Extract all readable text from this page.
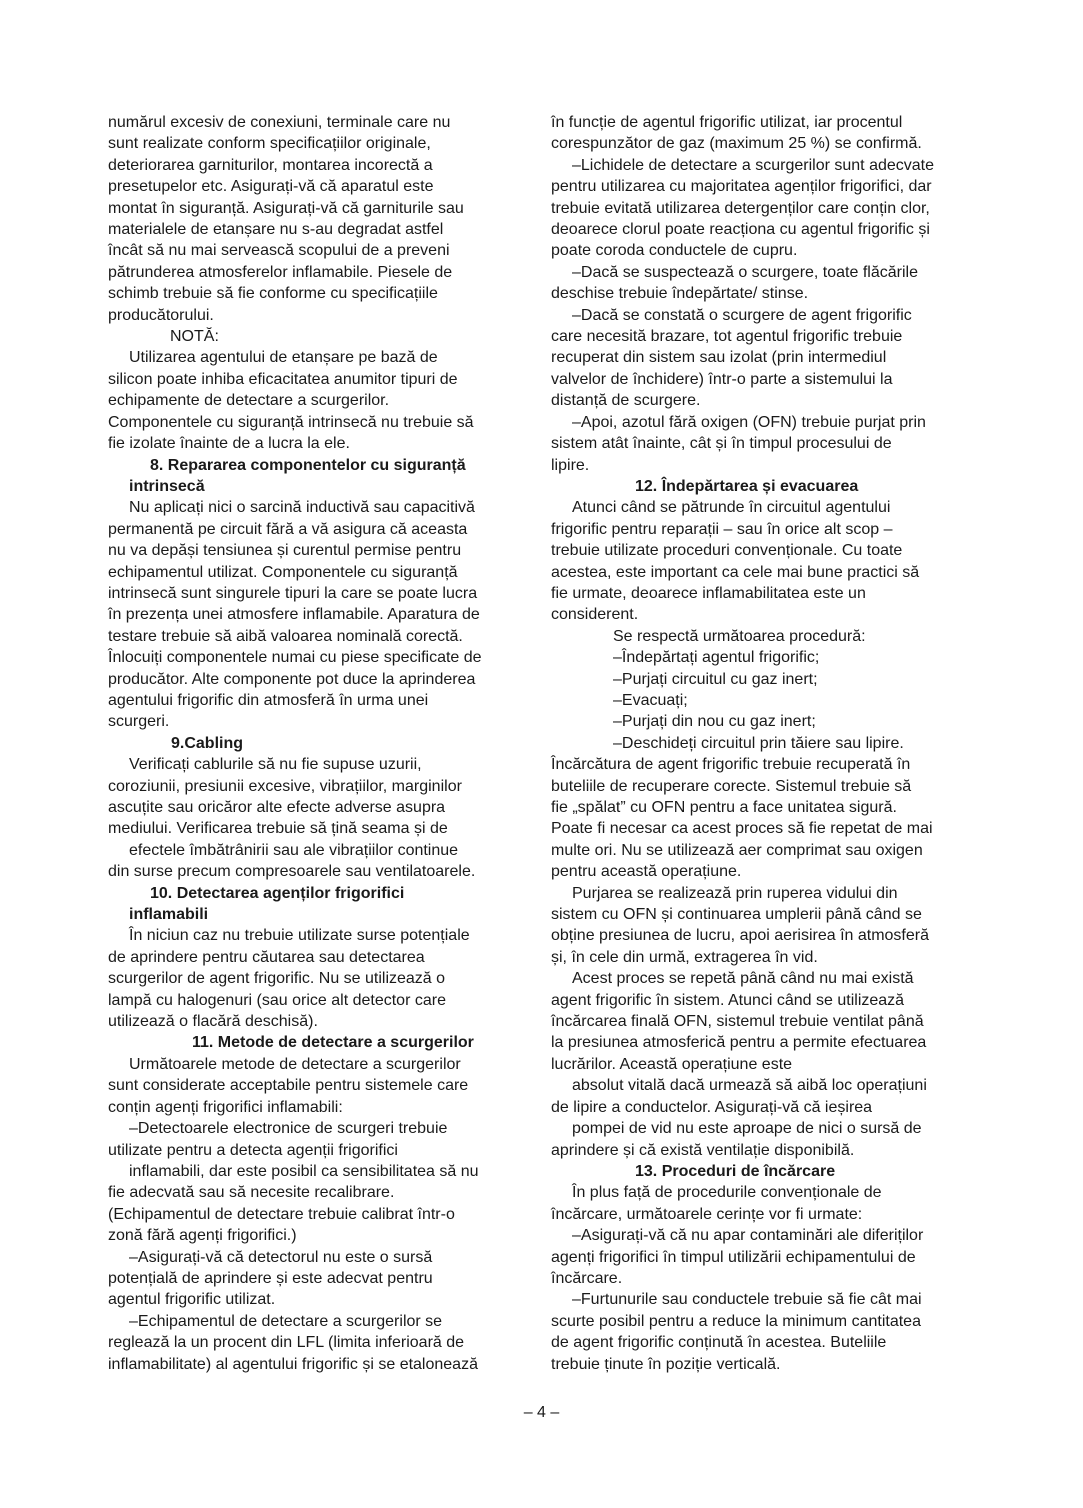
numărul excesiv de conexiuni, terminale care nu

sunt realizate conform specificațiilor originale,

deteriorarea garniturilor, montarea incorectă a

presetupelor etc. Asigurați-vă că aparatul este

montat în siguranță. Asigurați-vă că garniturile sau

materialele de etanșare nu s-au degradat astfel

încât să nu mai servească scopului de a preveni

pătrunderea atmosferelor inflamabile. Piesele de

schimb trebuie să fie conforme cu specificațiile

producătorului.

NOTĂ:

Utilizarea agentului de etanșare pe bază de

silicon poate inhiba eficacitatea anumitor tipuri de

echipamente de detectare a scurgerilor.

Componentele cu siguranță intrinsecă nu trebuie să

fie izolate înainte de a lucra la ele.

8. Repararea componentelor cu siguranță

intrinsecă

Nu aplicați nici o sarcină inductivă sau capacitivă

permanentă pe circuit fără a vă asigura că aceasta

nu va depăși tensiunea și curentul permise pentru

echipamentul utilizat. Componentele cu siguranță

intrinsecă sunt singurele tipuri la care se poate lucra

în prezența unei atmosfere inflamabile. Aparatura de

testare trebuie să aibă valoarea nominală corectă.

Înlocuiți componentele numai cu piese specificate de

producător. Alte componente pot duce la aprinderea

agentului frigorific din atmosferă în urma unei

scurgeri.

9.Cabling

Verificați cablurile să nu fie supuse uzurii,

coroziunii, presiunii excesive, vibrațiilor, marginilor

ascuțite sau oricăror alte efecte adverse asupra

mediului. Verificarea trebuie să țină seama și de

efectele îmbătrânirii sau ale vibrațiilor continue

din surse precum compresoarele sau ventilatoarele.

10. Detectarea agenților frigorifici

inflamabili

În niciun caz nu trebuie utilizate surse potențiale

de aprindere pentru căutarea sau detectarea

scurgerilor de agent frigorific. Nu se utilizează o

lampă cu halogenuri (sau orice alt detector care

utilizează o flacără deschisă).

11. Metode de detectare a scurgerilor

Următoarele metode de detectare a scurgerilor

sunt considerate acceptabile pentru sistemele care

conțin agenți frigorifici inflamabili:

–Detectoarele electronice de scurgeri trebuie

utilizate pentru a detecta agenții frigorifici

inflamabili, dar este posibil ca sensibilitatea să nu

fie adecvată sau să necesite recalibrare.

(Echipamentul de detectare trebuie calibrat într-o

zonă fără agenți frigorifici.)

–Asigurați-vă că detectorul nu este o sursă

potențială de aprindere și este adecvat pentru

agentul frigorific utilizat.

–Echipamentul de detectare a scurgerilor se

reglează la un procent din LFL (limita inferioară de

inflamabilitate) al agentului frigorific și se etalonează

în funcție de agentul frigorific utilizat, iar procentul

corespunzător de gaz (maximum 25 %) se confirmă.

–Lichidele de detectare a scurgerilor sunt adecvate

pentru utilizarea cu majoritatea agenților frigorifici, dar

trebuie evitată utilizarea detergenților care conțin clor,

deoarece clorul poate reacționa cu agentul frigorific și

poate coroda conductele de cupru.

–Dacă se suspectează o scurgere, toate flăcările

deschise trebuie îndepărtate/ stinse.

–Dacă se constată o scurgere de agent frigorific

care necesită brazare, tot agentul frigorific trebuie

recuperat din sistem sau izolat (prin intermediul

valvelor de închidere) într-o parte a sistemului la

distanță de scurgere.

–Apoi, azotul fără oxigen (OFN) trebuie purjat prin

sistem atât înainte, cât și în timpul procesului de

lipire.

12. Îndepărtarea și evacuarea

Atunci când se pătrunde în circuitul agentului

frigorific pentru reparații – sau în orice alt scop –

trebuie utilizate proceduri convenționale. Cu toate

acestea, este important ca cele mai bune practici să

fie urmate, deoarece inflamabilitatea este un

considerent.

Se respectă următoarea procedură:

–Îndepărtați agentul frigorific;

–Purjați circuitul cu gaz inert;

–Evacuați;

–Purjați din nou cu gaz inert;

–Deschideți circuitul prin tăiere sau lipire.

Încărcătura de agent frigorific trebuie recuperată în

buteliile de recuperare corecte. Sistemul trebuie să

fie „spălat” cu OFN pentru a face unitatea sigură.

Poate fi necesar ca acest proces să fie repetat de mai

multe ori. Nu se utilizează aer comprimat sau oxigen

pentru această operațiune.

Purjarea se realizează prin ruperea vidului din

sistem cu OFN și continuarea umplerii până când se

obține presiunea de lucru, apoi aerisirea în atmosferă

și, în cele din urmă, extragerea în vid.

Acest proces se repetă până când nu mai există

agent frigorific în sistem. Atunci când se utilizează

încărcarea finală OFN, sistemul trebuie ventilat până

la presiunea atmosferică pentru a permite efectuarea

lucrărilor. Această operațiune este

absolut vitală dacă urmează să aibă loc operațiuni

de lipire a conductelor. Asigurați-vă că ieșirea

pompei de vid nu este aproape de nici o sursă de

aprindere și că există ventilație disponibilă.

13. Proceduri de încărcare

În plus față de procedurile convenționale de

încărcare, următoarele cerințe vor fi urmate:

–Asigurați-vă că nu apar contaminări ale diferiților

agenți frigorifici în timpul utilizării echipamentului de

încărcare.

–Furtunurile sau conductele trebuie să fie cât mai

scurte posibil pentru a reduce la minimum cantitatea

de agent frigorific conținută în acestea. Buteliile

trebuie ținute în poziție verticală.

– 4 –
